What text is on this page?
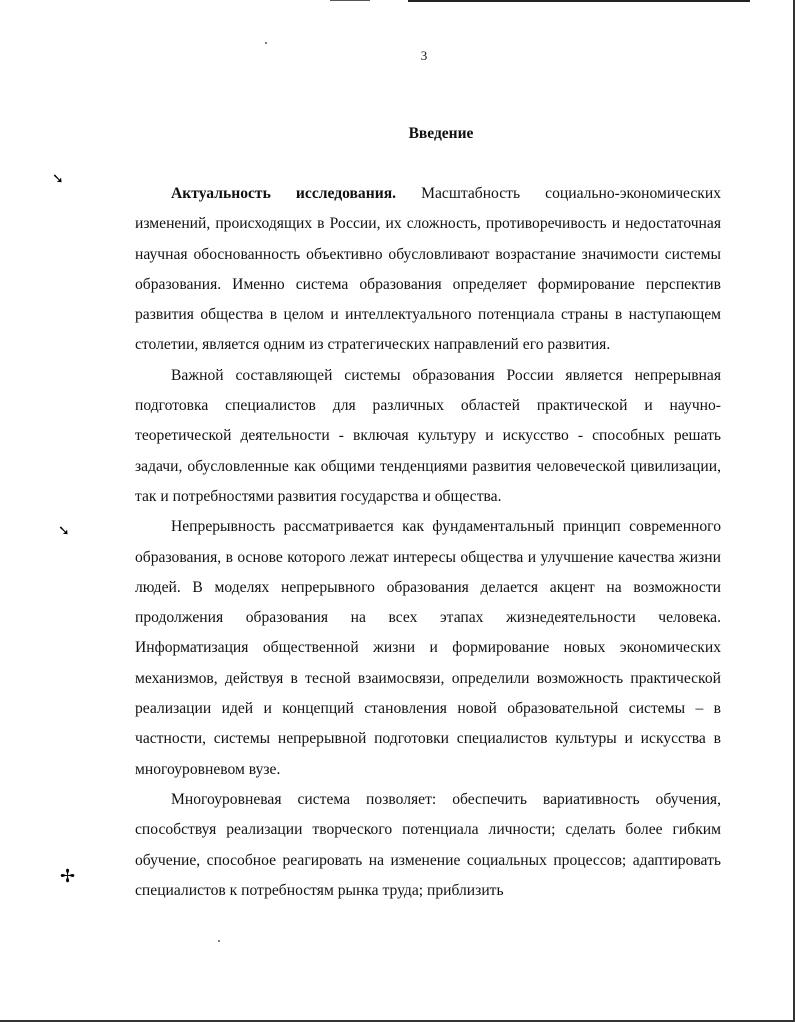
➘
➘
✢
3
Введение

Актуальность исследования. Масштабность социально-экономических изменений, происходящих в России, их сложность, противоречивость и недостаточная научная обоснованность объективно обусловливают возрастание значимости системы образования. Именно система образования определяет формирование перспектив развития общества в целом и интеллектуального потенциала страны в наступающем столетии, является одним из стратегических направлений его развития.

Важной составляющей системы образования России является непрерывная подготовка специалистов для различных областей практической и научно-теоретической деятельности - включая культуру и искусство - способных решать задачи, обусловленные как общими тенденциями развития человеческой цивилизации, так и потребностями развития государства и общества.

Непрерывность рассматривается как фундаментальный принцип современного образования, в основе которого лежат интересы общества и улучшение качества жизни людей. В моделях непрерывного образования делается акцент на возможности продолжения образования на всех этапах жизнедеятельности человека. Информатизация общественной жизни и формирование новых экономических механизмов, действуя в тесной взаимосвязи, определили возможность практической реализации идей и концепций становления новой образовательной системы – в частности, системы непрерывной подготовки специалистов культуры и искусства в многоуровневом вузе.

Многоуровневая система позволяет: обеспечить вариативность обучения, способствуя реализации творческого потенциала личности; сделать более гибким обучение, способное реагировать на изменение социальных процессов; адаптировать специалистов к потребностям рынка труда; приблизить
